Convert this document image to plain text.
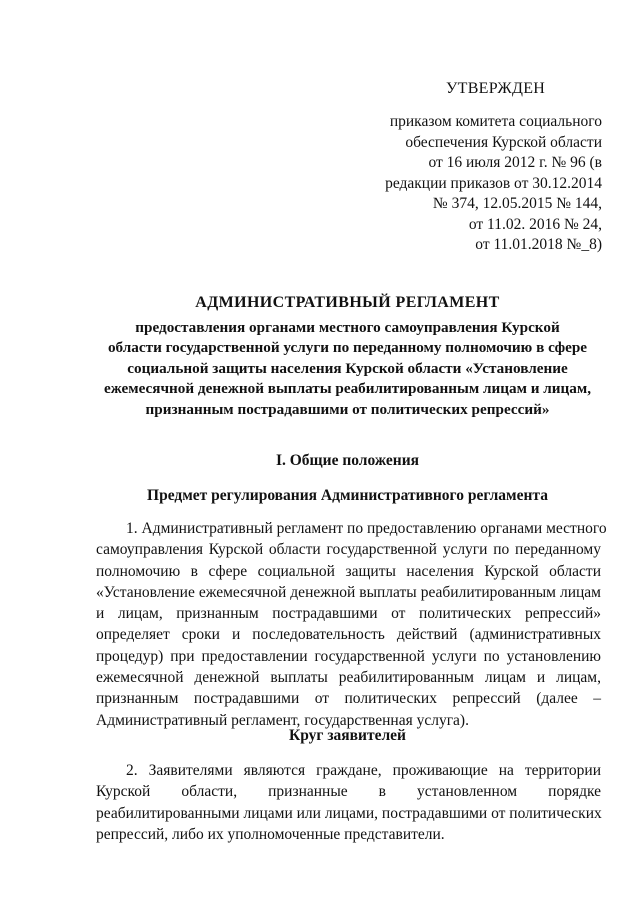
УТВЕРЖДЕН

приказом комитета социального
обеспечения Курской области
от 16 июля 2012 г. № 96 (в
редакции приказов от 30.12.2014
№ 374, 12.05.2015 № 144,
от 11.02. 2016 № 24,
от 11.01.2018 №_8)

АДМИНИСТРАТИВНЫЙ РЕГЛАМЕНТ

предоставления органами местного самоуправления Курской
области государственной услуги по переданному полномочию в сфере
социальной защиты населения Курской области «Установление
ежемесячной денежной выплаты реабилитированным лицам и лицам,
признанным пострадавшими от политических репрессий»

I. Общие положения

Предмет регулирования Административного регламента

1. Административный регламент по предоставлению органами местного
самоуправления Курской области государственной услуги по переданному
полномочию в сфере социальной защиты населения Курской области
«Установление ежемесячной денежной выплаты реабилитированным лицам
и лицам, признанным пострадавшими от политических репрессий»
определяет сроки и последовательность действий (административных
процедур) при предоставлении государственной услуги по установлению
ежемесячной денежной выплаты реабилитированным лицам и лицам,
признанным пострадавшими от политических репрессий (далее –
Административный регламент, государственная услуга).

Круг заявителей

2. Заявителями являются граждане, проживающие на территории
Курской области, признанные в установленном порядке
реабилитированными лицами или лицами, пострадавшими от политических
репрессий, либо их уполномоченные представители.
